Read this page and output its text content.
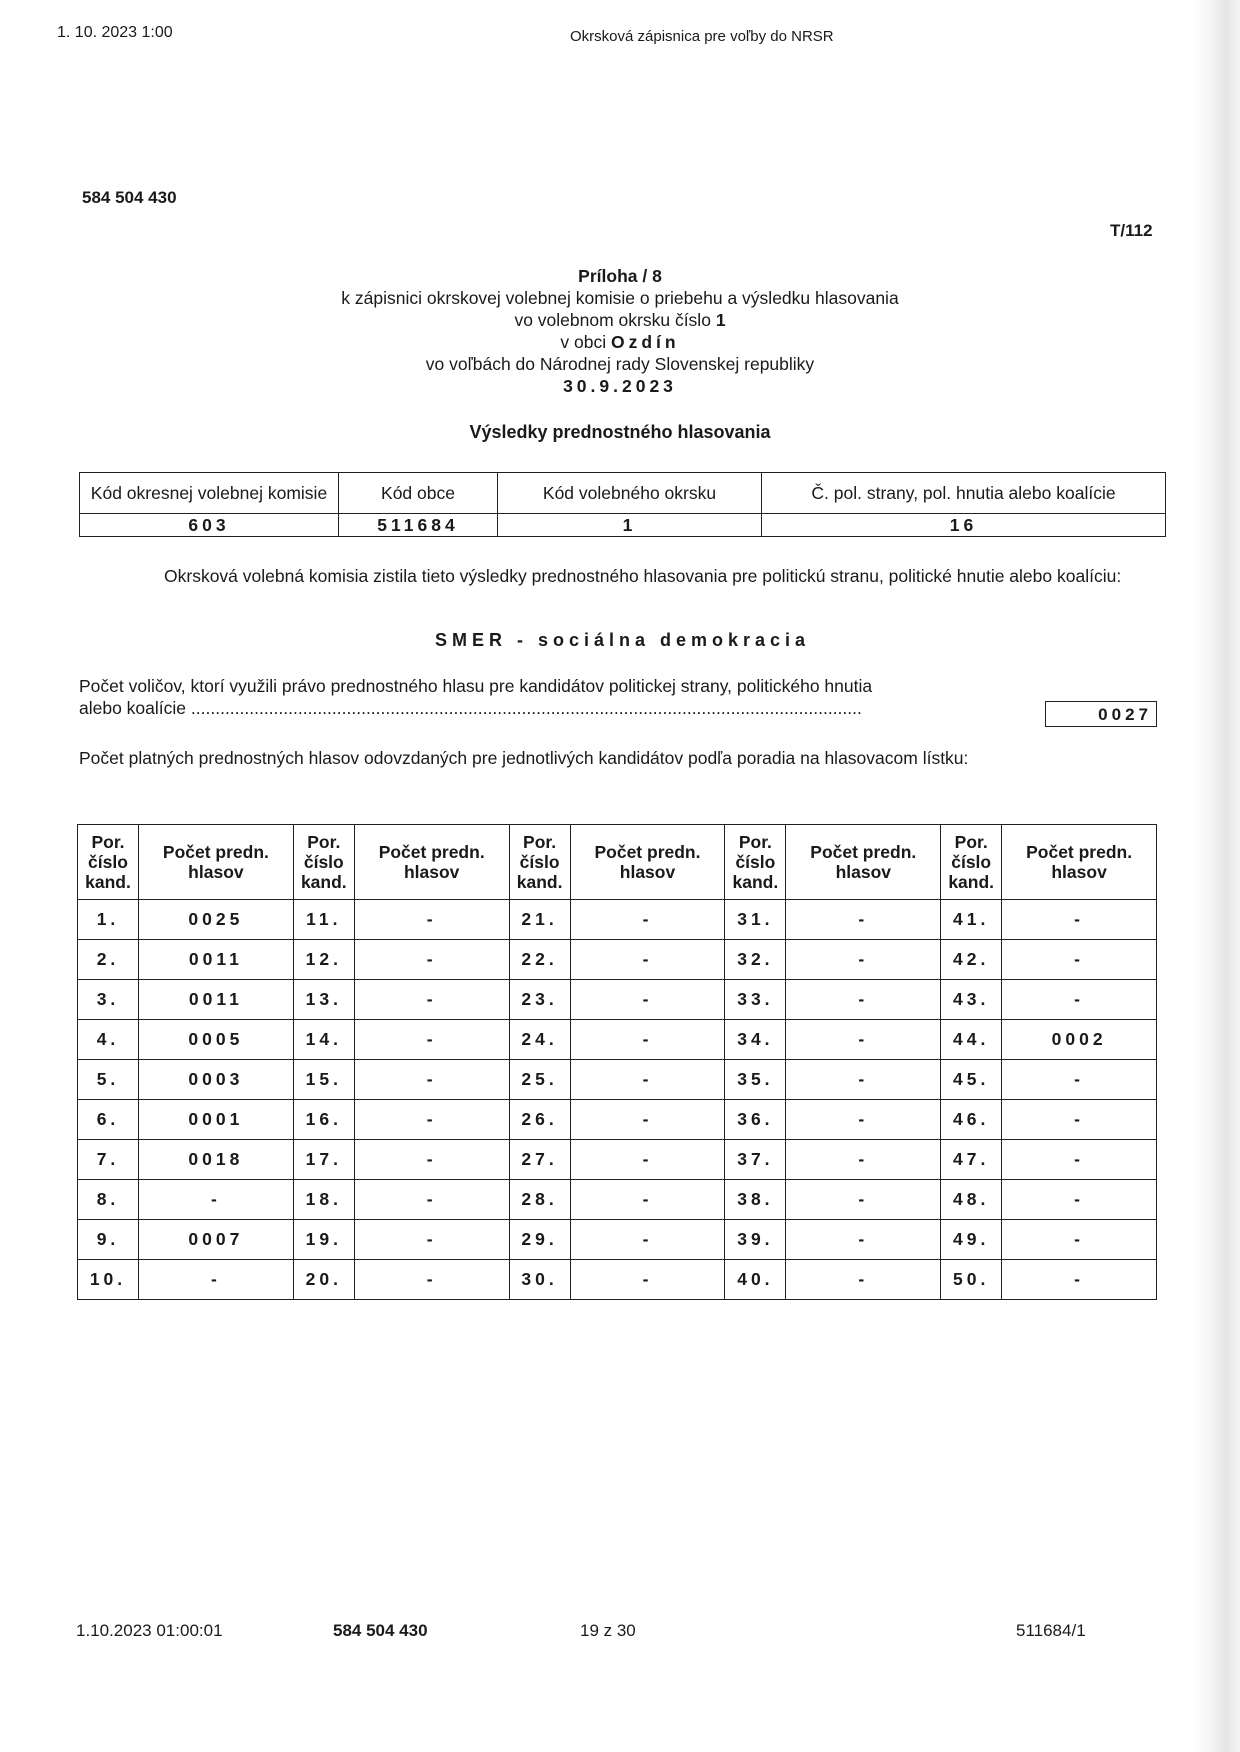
1. 10. 2023 1:00	Okrsková zápisnica pre voľby do NRSR
584 504 430
T/112
Príloha / 8
k zápisnici okrskovej volebnej komisie o priebehu a výsledku hlasovania
vo volebnom okrsku číslo 1
v obci Ozdín
vo voľbách do Národnej rady Slovenskej republiky
30.9.2023
Výsledky prednostného hlasovania
Kód okresnej volebnej komisie	Kód obce	Kód volebného okrsku	Č. pol. strany, pol. hnutia alebo koalície
603	511684	1	16
Okrsková volebná komisia zistila tieto výsledky prednostného hlasovania pre politickú stranu, politické hnutie alebo koalíciu:
SMER - sociálna demokracia
Počet voličov, ktorí využili právo prednostného hlasu pre kandidátov politickej strany, politického hnutia
alebo koalície ..........................................................................................................................................	0027
Počet platných prednostných hlasov odovzdaných pre jednotlivých kandidátov podľa poradia na hlasovacom lístku:
Por. číslo kand.	Počet predn. hlasov	Por. číslo kand.	Počet predn. hlasov	Por. číslo kand.	Počet predn. hlasov	Por. číslo kand.	Počet predn. hlasov	Por. číslo kand.	Počet predn. hlasov
1.	0025	11.	-	21.	-	31.	-	41.	-
2.	0011	12.	-	22.	-	32.	-	42.	-
3.	0011	13.	-	23.	-	33.	-	43.	-
4.	0005	14.	-	24.	-	34.	-	44.	0002
5.	0003	15.	-	25.	-	35.	-	45.	-
6.	0001	16.	-	26.	-	36.	-	46.	-
7.	0018	17.	-	27.	-	37.	-	47.	-
8.	-	18.	-	28.	-	38.	-	48.	-
9.	0007	19.	-	29.	-	39.	-	49.	-
10.	-	20.	-	30.	-	40.	-	50.	-
1.10.2023 01:00:01	584 504 430	19 z 30	511684/1
